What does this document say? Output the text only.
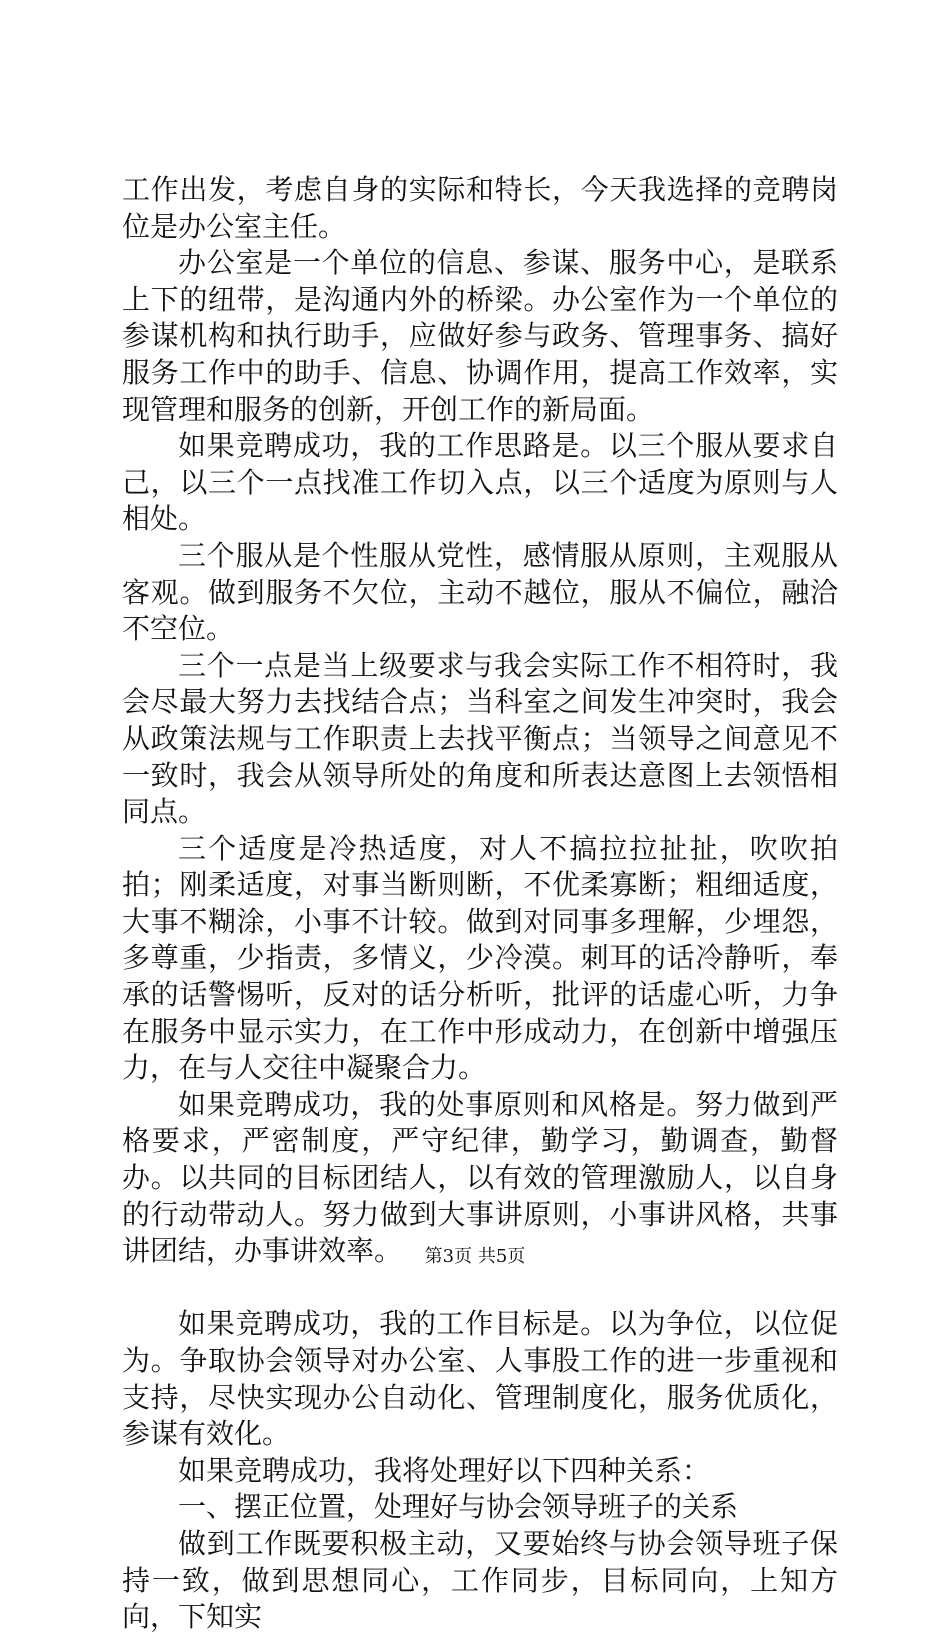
工作出发，考虑自身的实际和特长，今天我选择的竞聘岗位是办公室主任。

办公室是一个单位的信息、参谋、服务中心，是联系上下的纽带，是沟通内外的桥梁。办公室作为一个单位的参谋机构和执行助手，应做好参与政务、管理事务、搞好服务工作中的助手、信息、协调作用，提高工作效率，实现管理和服务的创新，开创工作的新局面。

如果竞聘成功，我的工作思路是。以三个服从要求自己，以三个一点找准工作切入点，以三个适度为原则与人相处。

三个服从是个性服从党性，感情服从原则，主观服从客观。做到服务不欠位，主动不越位，服从不偏位，融洽不空位。

三个一点是当上级要求与我会实际工作不相符时，我会尽最大努力去找结合点；当科室之间发生冲突时，我会从政策法规与工作职责上去找平衡点；当领导之间意见不一致时，我会从领导所处的角度和所表达意图上去领悟相同点。

三个适度是冷热适度，对人不搞拉拉扯扯，吹吹拍拍；刚柔适度，对事当断则断，不优柔寡断；粗细适度，大事不糊涂，小事不计较。做到对同事多理解，少埋怨，多尊重，少指责，多情义，少冷漠。刺耳的话冷静听，奉承的话警惕听，反对的话分析听，批评的话虚心听，力争在服务中显示实力，在工作中形成动力，在创新中增强压力，在与人交往中凝聚合力。

如果竞聘成功，我的处事原则和风格是。努力做到严格要求，严密制度，严守纪律，勤学习，勤调查，勤督办。以共同的目标团结人，以有效的管理激励人，以自身的行动带动人。努力做到大事讲原则，小事讲风格，共事讲团结，办事讲效率。

如果竞聘成功，我的工作目标是。以为争位，以位促为。争取协会领导对办公室、人事股工作的进一步重视和支持，尽快实现办公自动化、管理制度化，服务优质化，参谋有效化。

如果竞聘成功，我将处理好以下四种关系：

一、摆正位置，处理好与协会领导班子的关系

做到工作既要积极主动，又要始终与协会领导班子保持一致，做到思想同心，工作同步，目标同向，上知方向，下知实

第3页 共5页
